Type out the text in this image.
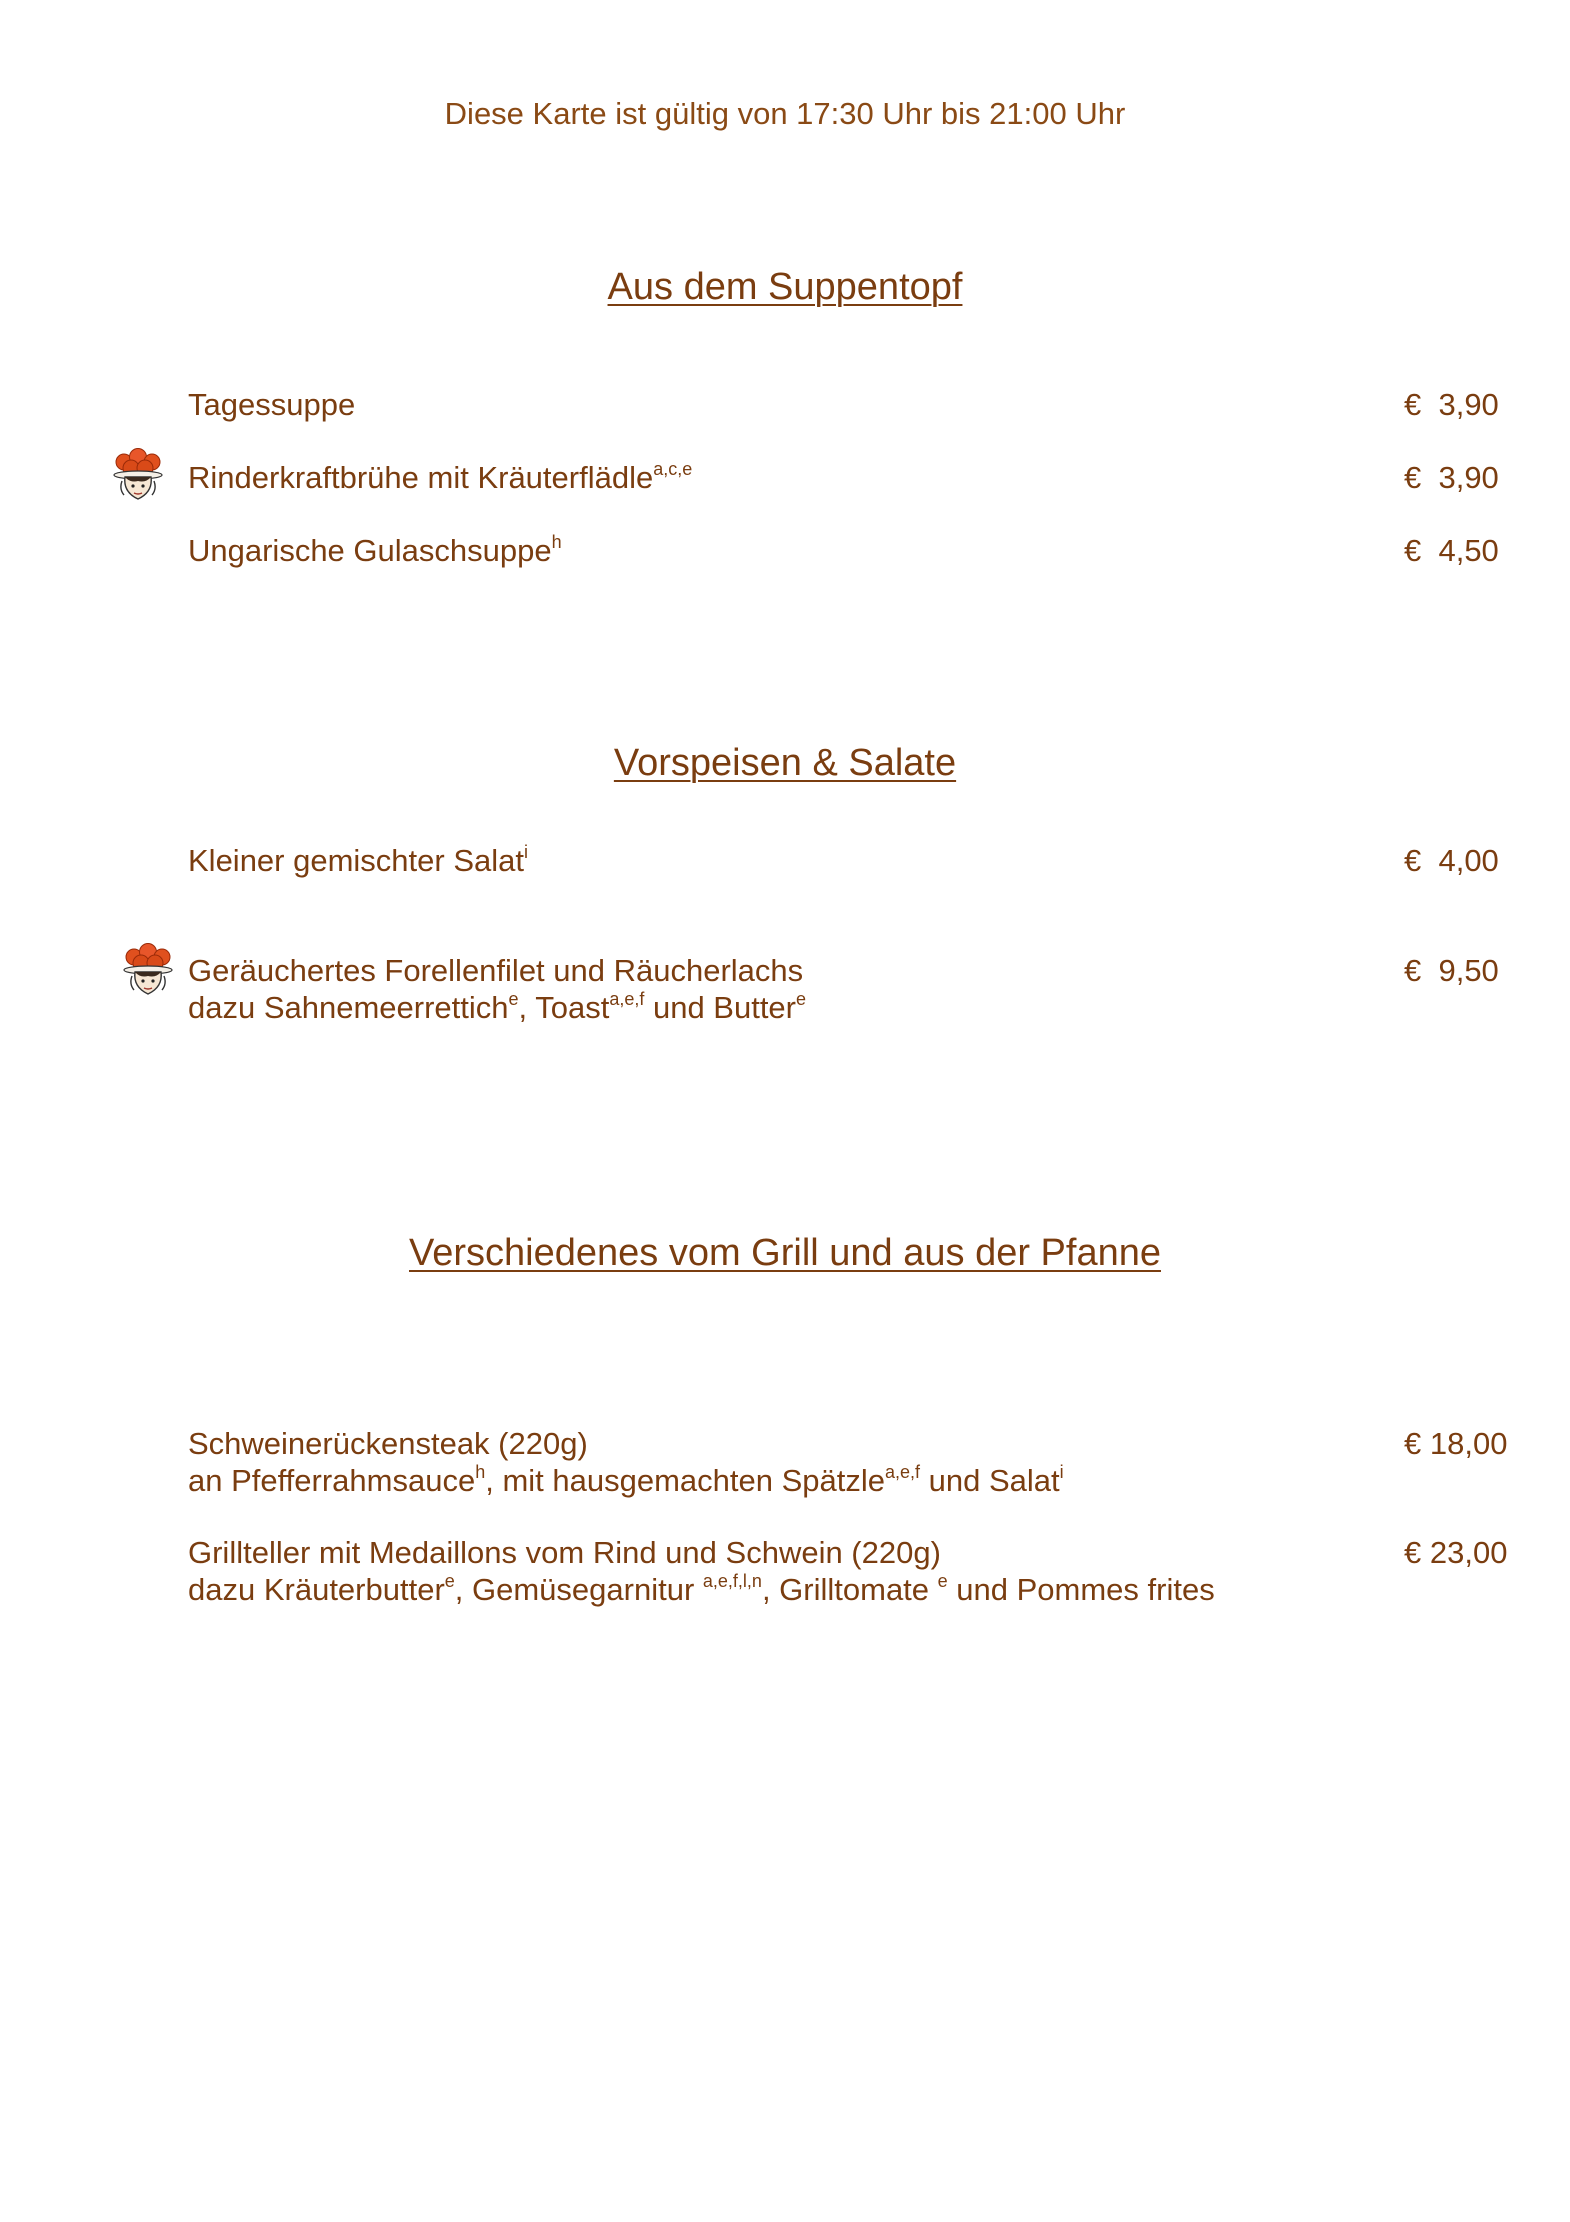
Diese Karte ist gültig von 17:30 Uhr bis 21:00 Uhr
Aus dem Suppentopf
Tagessuppe	€  3,90
Rinderkraftbrühe mit Kräuterflädle$^{a,c,e}$	€  3,90
Ungarische Gulaschsuppe$^h$	€  4,50
Vorspeisen & Salate
Kleiner gemischter Salat$^i$	€  4,00
Geräuchertes Forellenfilet und Räucherlachs
dazu Sahnemeerrettich$^e$, Toast$^{a,e,f}$ und Butter$^e$
€  9,50
Verschiedenes vom Grill und aus der Pfanne
Schweinerückensteak (220g)
an Pfefferrahmsauce$^h$, mit hausgemachten Spätzle$^{a,e,f}$ und Salat$^i$
€ 18,00
Grillteller mit Medaillons vom Rind und Schwein (220g)
dazu Kräuterbutter$^e$, Gemüsegarnitur $^{a,e,f,l,n}$, Grilltomate $^e$ und Pommes frites
€ 23,00
